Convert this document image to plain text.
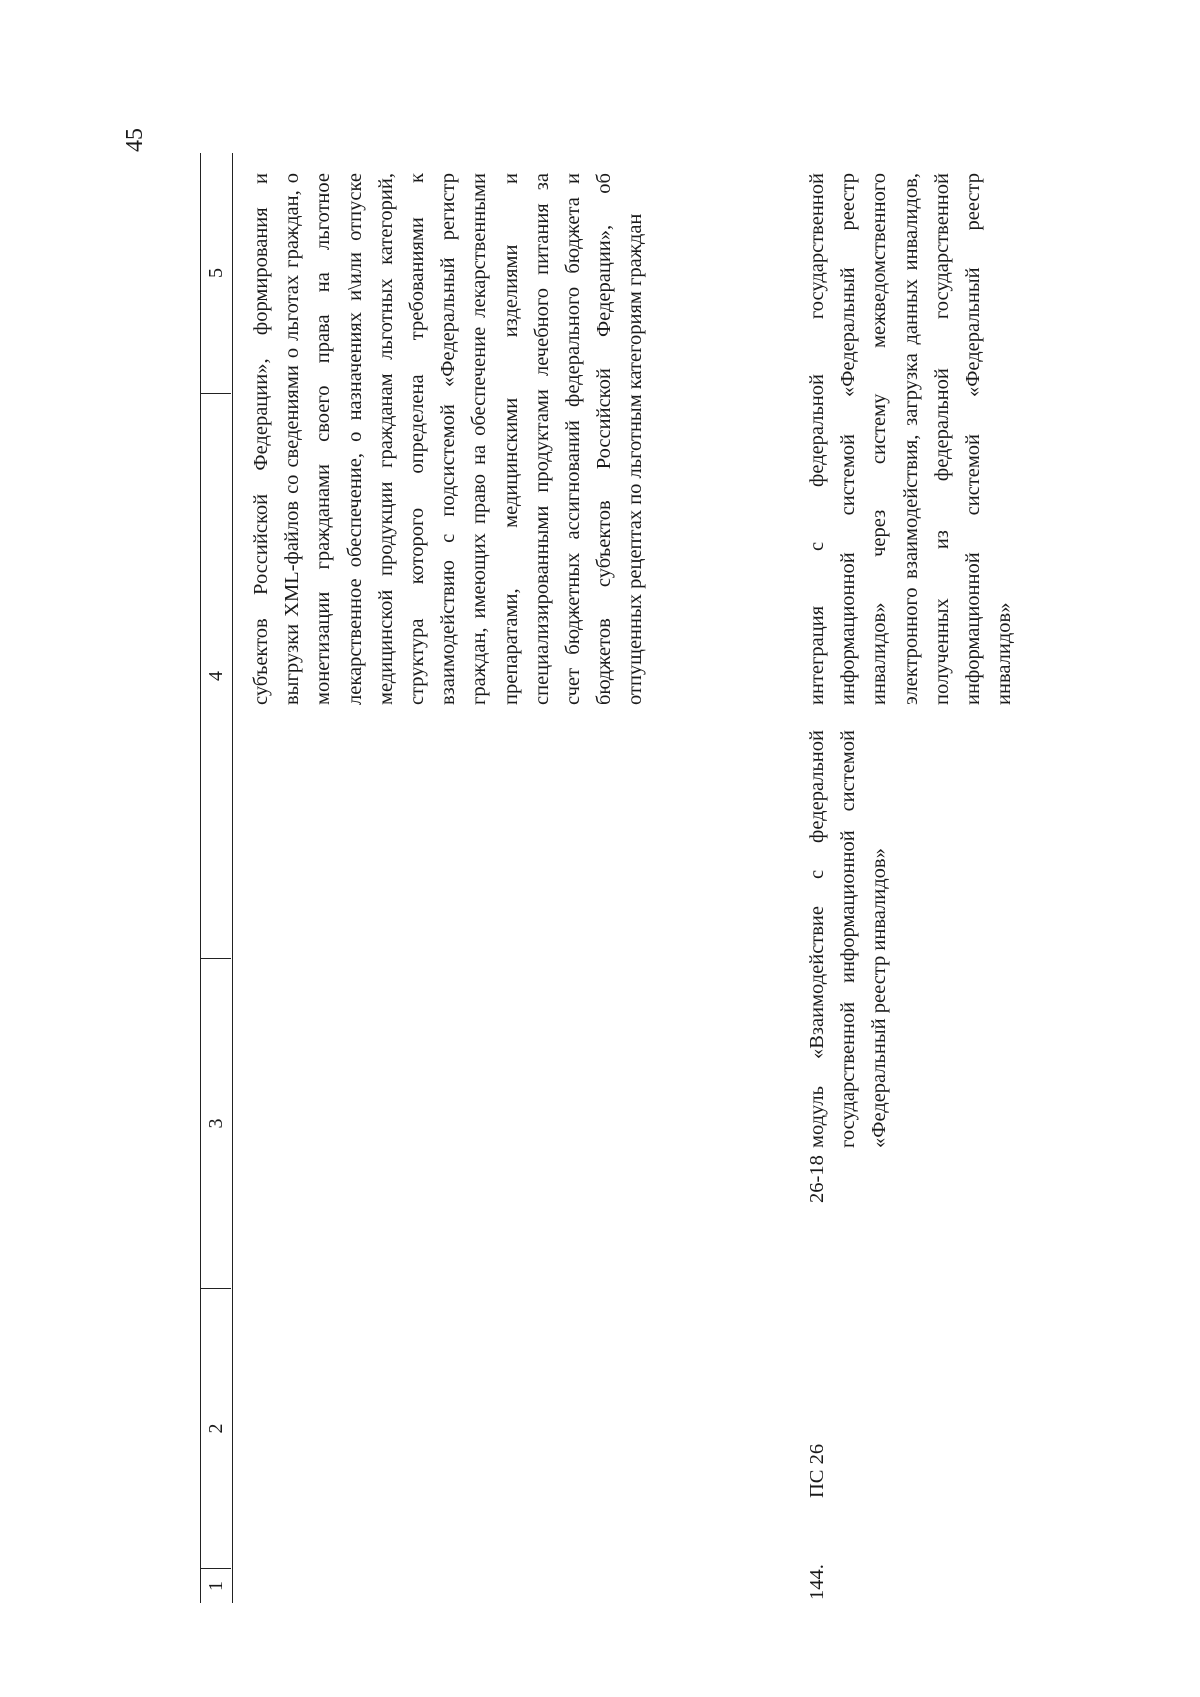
45
1
2
3
4
5 субъектов Российской Федерации», формирования и выгрузки XML-файлов со сведениями о льготах граждан, о монетизации гражданами своего права на льготное лекарственное обеспечение, о назначениях и\или отпуске медицинской продукции гражданам льготных категорий, структура которого определена требованиями к взаимодействию с подсистемой «Федеральный регистр граждан, имеющих право на обеспечение лекарственными препаратами, медицинскими изделиями и специализированными продуктами лечебного питания за счет бюджетных ассигнований федерального бюджета и бюджетов субъектов Российской Федерации», об отпущенных рецептах по льготным категориям граждан
144.
ПС 26
26-18
модуль «Взаимодействие с федеральной государственной информационной системой «Федеральный реестр инвалидов»
интеграция с федеральной государственной информационной системой «Федеральный реестр инвалидов» через систему межведомственного электронного взаимодействия, загрузка данных инвалидов, полученных из федеральной государственной информационной системой «Федеральный реестр инвалидов»
